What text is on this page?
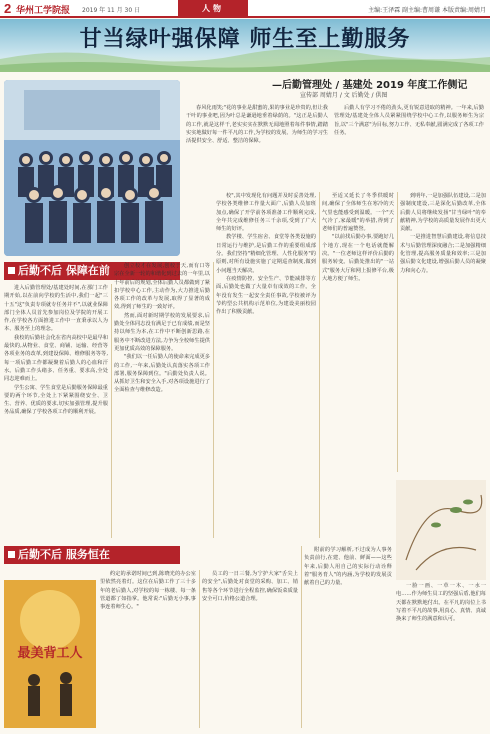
2 华州工学院报 2019 年 11 月 30 日	人物	主编:王泽霖 副主编:曹周谦 本版责编:周婧月
甘当绿叶强保障 师生至上勤服务
—后勤管理处 / 基建处 2019 年度工作侧记
宣传部 周婧月 / 文 后勤处 / 供图

春风化雨笑;"花的事业是甜蜜的,果的事业是珍贵的,但让我干叶的事业吧,因为叶总是谦逊地垂着绿荫的。"这正是后勤人的工作,就是这样干,老实实实在默默无闻地照着每件事情,踏踏实实地做好每一件平凡的工作,为学校的发展、为师生的学习生活提供安全、舒适、整洁的保障。

后勤人有学习不倦的劲头,更有锐意进取的精神。一年来,后勤管理处/基建处全体人员紧紧围绕学校中心工作,以服务师生为宗旨,以"三个满意"为目标,努力工作、无私奉献,圆满完成了各项工作任务。

后勤不后 保障在前

进入后勤管理处/基建处时间,在那门工作期开始,以在前向学校的生活中,我们一起"三十五"这"负责专项就专任务并不",以就业保障部门全体人员首先参加岗位及学院的开展工作,在学校各方面推进工作中一直秉承以人为本、服务至上的理念。

我校的后勤社会化在省内高校中是最早和最快的,从物业、食堂、商铺、运输、经营等各项业务的改革,到建设保障、维修服务等等,每一项后勤工作都凝聚着后勤人的心血和汗水。后勤工作头绪多、任务重、要求高,全处同志迎难而上。

学生公寓、学生食堂是后勤服务保障最重要的两个环节,全处上下紧紧围绕安全、卫生、营养、优质的要求,切实加强管理,提升服务品质,确保了学校各项工作的顺利开展。

创立校才在发展,创校于天,而有口等宗在全新一轮的和谐化到过去的一年里,以十年前后的规划,全体后勤人员都做到了紧扣学校中心工作,主动作为,大力推进后勤各项工作的改革与发展,取得了显著的成效,得到了师生的一致好评。

然而,面对新时期学校的发展要求,后勤处全体同志没有满足于已有成绩,而是坚持以师生为本,在工作中不断创新思路,在服务中不断改进方法,力争为全校师生提供更加优质高效的保障服务。

"我们以一任后勤人的使命来完成更多的工作,一年来,后勤处认真落实各项工作部署,服务保障到位。"后勤处负责人说。从抓好卫生和安全入手,对各项设施进行了全面检查与维修改造。

校",其中发现化有问题并及时妥善处理,学校各类维修工作量大面广,后勤人员加班加点,确保了开学前各项准备工作顺利完成,全年共完成维修任务三千余项,受到了广大师生的好评。

教学楼、学生宿舍、食堂等各类设施的日常运行与维护,是后勤工作的重要组成部分。我们坚持"精细化管理、人性化服务"的原则,对所有设施实施了定期巡查制度,做到小问题当天解决。

在疫情防控、安全生产、节能减排等方面,后勤处也做了大量卓有成效的工作。全年没有发生一起安全责任事故,学校被评为节约型公共机构示范单位,为建设美丽校园作出了积极贡献。

至适又延长了冬季供暖时间,确保了全体师生在寒冷的天气里也能感受到温暖。一个"天气冷了,家最暖"的举措,得到了老师们的普遍赞誉。

"以前找后勤办事,要跑好几个地方,现在一个电话就能解决。"一位老师这样评价后勤的服务转变。后勤处推出的"一站式"服务大厅和网上报修平台,极大地方便了师生。

到明年,一是加强队伍建设,二是加强制度建设,三是深化后勤改革,全体后勤人员将继续发扬"甘当绿叶"的奉献精神,为学校的高质量发展作出更大贡献。

一是推进智慧后勤建设,将信息技术与后勤管理深度融合;二是加强精细化管理,提高服务质量和效率;三是加强后勤文化建设,增强后勤人员的凝聚力和向心力。

后勤不后 服务恒在
最美背工人

约定的承诺时间已到,陈晓光的办公室里依然亮着灯。这位在后勤工作了三十多年的老后勤人,对学校的每一栋楼、每一条管道都了如指掌。他常说:"后勤无小事,事事连着师生心。"

员工的一日三餐,为宁护大家"舌尖上的安全",后勤处对食堂的采购、加工、销售等各个环节进行全程监控,确保饭菜质量安全可口,价格公道合理。

附前的学习解析,不过成为人事务负责前行,在建、他前、鲜面——这些年来,后勤人用自己的实际行动诠释着"服务育人"的内涵,为学校的发展贡献着自己的力量。	一脸一画、一草一木、一水一电……作为师生员工的坚强后盾,他们每天都在默默地付出。在平凡的岗位上书写着不平凡的故事,用真心、真情、真诚换来了师生的满意和认可。
